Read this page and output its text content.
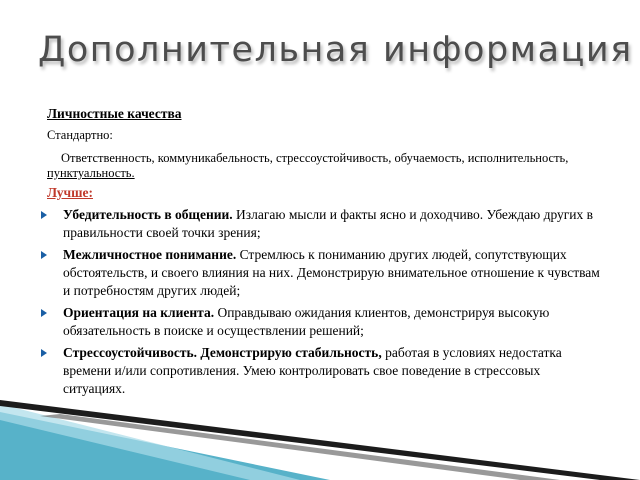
Дополнительная информация

Личностные качества

Стандартно:

Ответственность, коммуникабельность, стрессоустойчивость, обучаемость, исполнительность, пунктуальность.

Лучше:

Убедительность в общении. Излагаю мысли и факты ясно и доходчиво. Убеждаю других в правильности своей точки зрения;
Межличностное понимание. Стремлюсь к пониманию других людей, сопутствующих обстоятельств, и своего влияния на них. Демонстрирую внимательное отношение к чувствам и потребностям других людей;
Ориентация на клиента. Оправдываю ожидания клиентов, демонстрируя высокую обязательность в поиске и осуществлении решений;
Стрессоустойчивость. Демонстрирую стабильность, работая в условиях недостатка времени и/или сопротивления. Умею контролировать свое поведение в стрессовых ситуациях.
